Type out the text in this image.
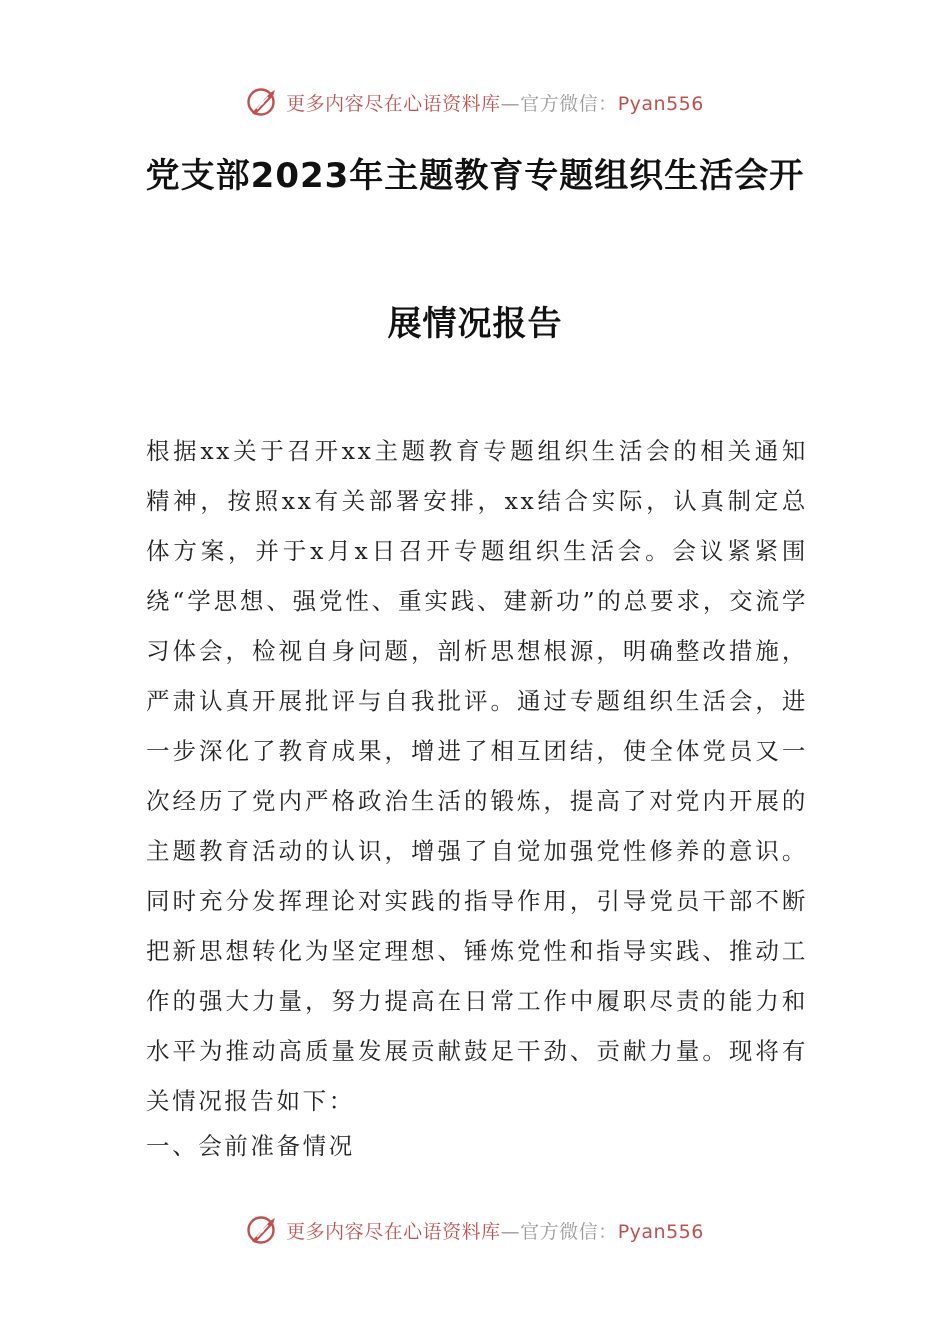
更多内容尽在心语资料库—官方微信：Pyan556
党支部2023年主题教育专题组织生活会开
展情况报告

根据xx关于召开xx主题教育专题组织生活会的相关通知精神，按照xx有关部署安排，xx结合实际，认真制定总体方案，并于x月x日召开专题组织生活会。会议紧紧围绕“学思想、强党性、重实践、建新功”的总要求，交流学习体会，检视自身问题，剖析思想根源，明确整改措施，严肃认真开展批评与自我批评。通过专题组织生活会，进一步深化了教育成果，增进了相互团结，使全体党员又一次经历了党内严格政治生活的锻炼，提高了对党内开展的主题教育活动的认识，增强了自觉加强党性修养的意识。同时充分发挥理论对实践的指导作用，引导党员干部不断把新思想转化为坚定理想、锤炼党性和指导实践、推动工作的强大力量，努力提高在日常工作中履职尽责的能力和水平为推动高质量发展贡献鼓足干劲、贡献力量。现将有关情况报告如下：

一、会前准备情况
更多内容尽在心语资料库—官方微信：Pyan556
